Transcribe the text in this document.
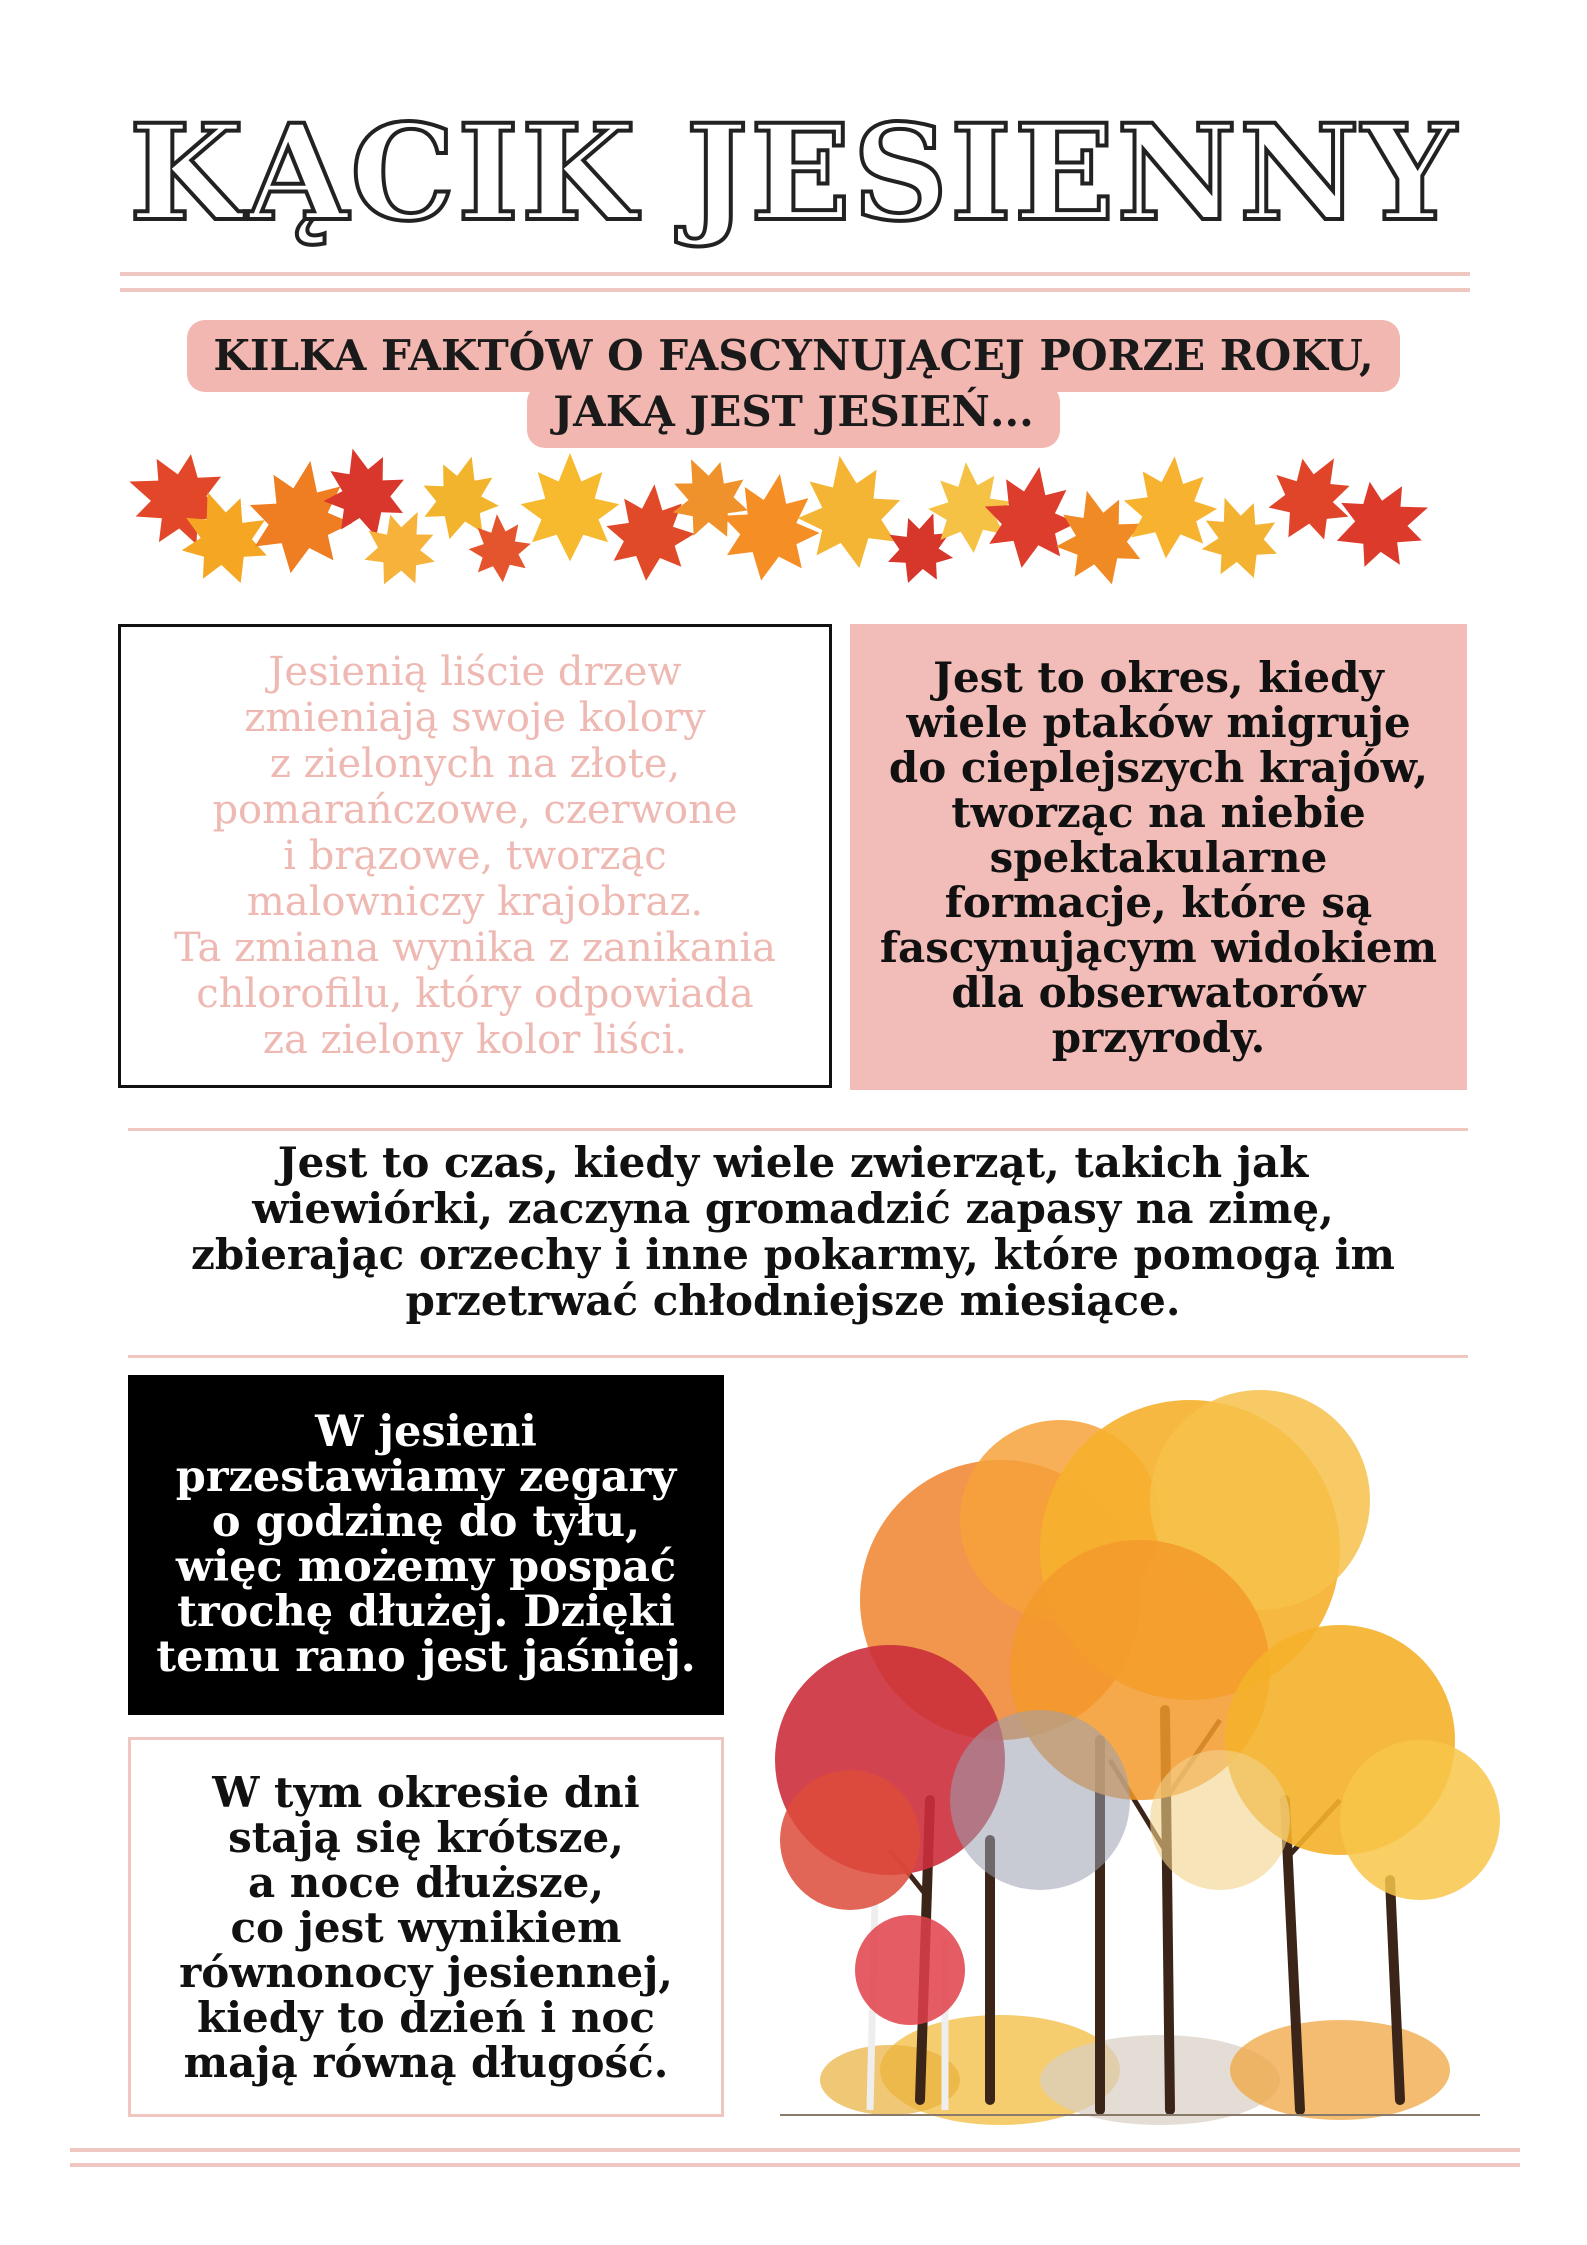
KĄCIK JESIENNY
KILKA FAKTÓW O FASCYNUJĄCEJ PORZE ROKU,
JAKĄ JEST JESIEŃ...

Jesienią liście drzew
zmieniają swoje kolory
z zielonych na złote,
pomarańczowe, czerwone
i brązowe, tworząc
malowniczy krajobraz.
Ta zmiana wynika z zanikania
chlorofilu, który odpowiada
za zielony kolor liści.

Jest to okres, kiedy
wiele ptaków migruje
do cieplejszych krajów,
tworząc na niebie
spektakularne
formacje, które są
fascynującym widokiem
dla obserwatorów
przyrody.

Jest to czas, kiedy wiele zwierząt, takich jak
wiewiórki, zaczyna gromadzić zapasy na zimę,
zbierając orzechy i inne pokarmy, które pomogą im
przetrwać chłodniejsze miesiące.

W jesieni
przestawiamy zegary
o godzinę do tyłu,
więc możemy pospać
trochę dłużej. Dzięki
temu rano jest jaśniej.

W tym okresie dni
stają się krótsze,
a noce dłuższe,
co jest wynikiem
równonocy jesiennej,
kiedy to dzień i noc
mają równą długość.
